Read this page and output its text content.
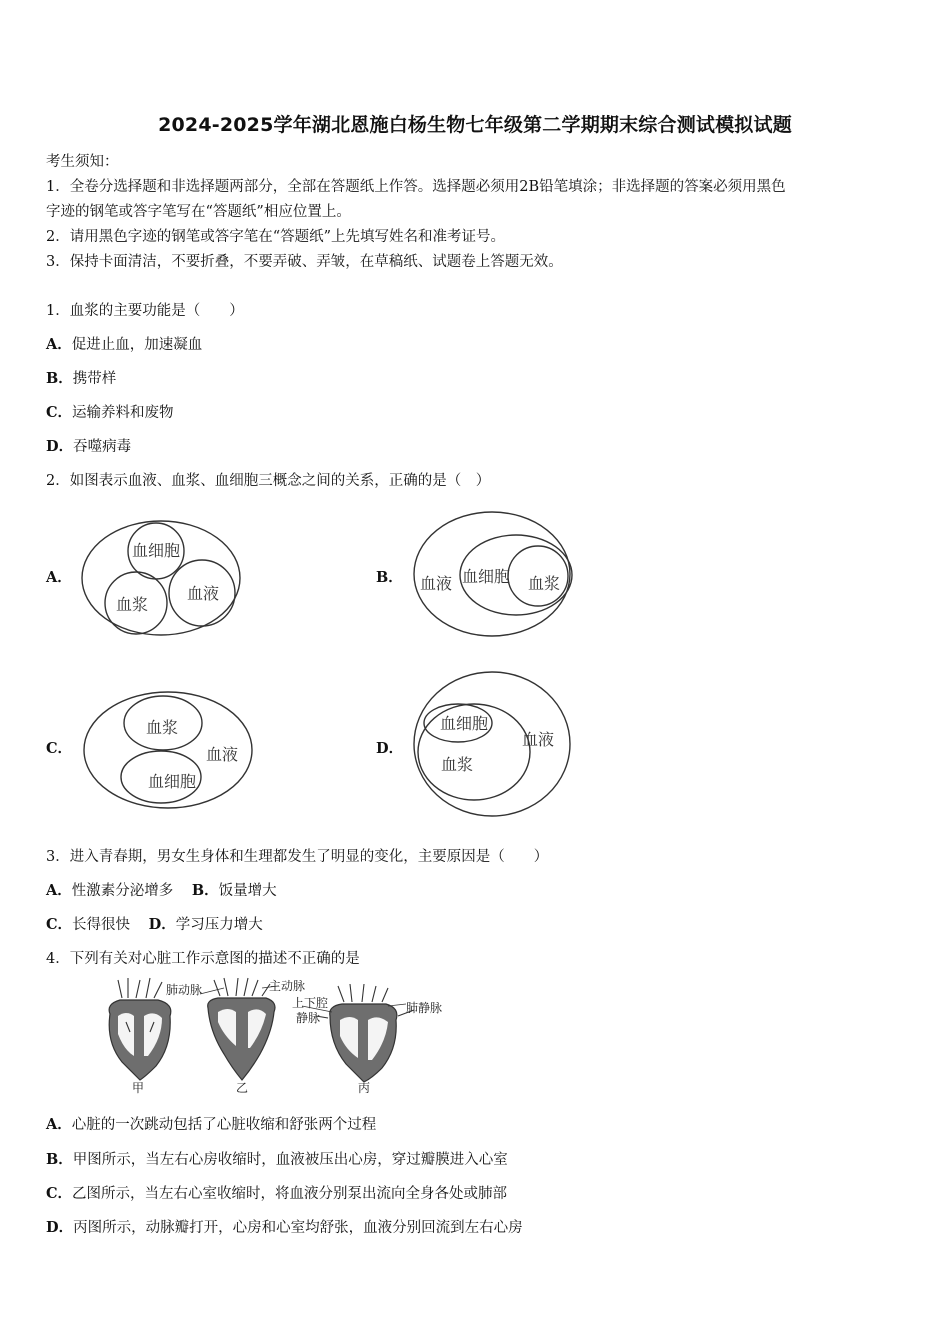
2024-2025学年湖北恩施白杨生物七年级第二学期期末综合测试模拟试题
考生须知：
1．全卷分选择题和非选择题两部分，全部在答题纸上作答。选择题必须用2B铅笔填涂；非选择题的答案必须用黑色
字迹的钢笔或答字笔写在“答题纸”相应位置上。
2．请用黑色字迹的钢笔或答字笔在“答题纸”上先填写姓名和准考证号。
3．保持卡面清洁，不要折叠，不要弄破、弄皱，在草稿纸、试题卷上答题无效。
1．血浆的主要功能是（　　）
A．促进止血，加速凝血
B．携带样
C．运输养料和废物
D．吞噬病毒
2．如图表示血液、血浆、血细胞三概念之间的关系，正确的是（　）
A．
血细胞
血浆
血液
B． 血液 血细胞 血浆
C．
血浆
血液
血细胞
D．
血细胞
血浆
血液
3．进入青春期，男女生身体和生理都发生了明显的变化，主要原因是（　　）
A．性激素分泌增多 B．饭量增大
C．长得很快 D．学习压力增大
4．下列有关对心脏工作示意图的描述不正确的是
肺动脉	主动脉
上下腔
静脉
肺静脉
甲	乙	丙
A．心脏的一次跳动包括了心脏收缩和舒张两个过程
B．甲图所示，当左右心房收缩时，血液被压出心房，穿过瓣膜进入心室
C．乙图所示，当左右心室收缩时，将血液分别泵出流向全身各处或肺部
D．丙图所示，动脉瓣打开，心房和心室均舒张，血液分别回流到左右心房
